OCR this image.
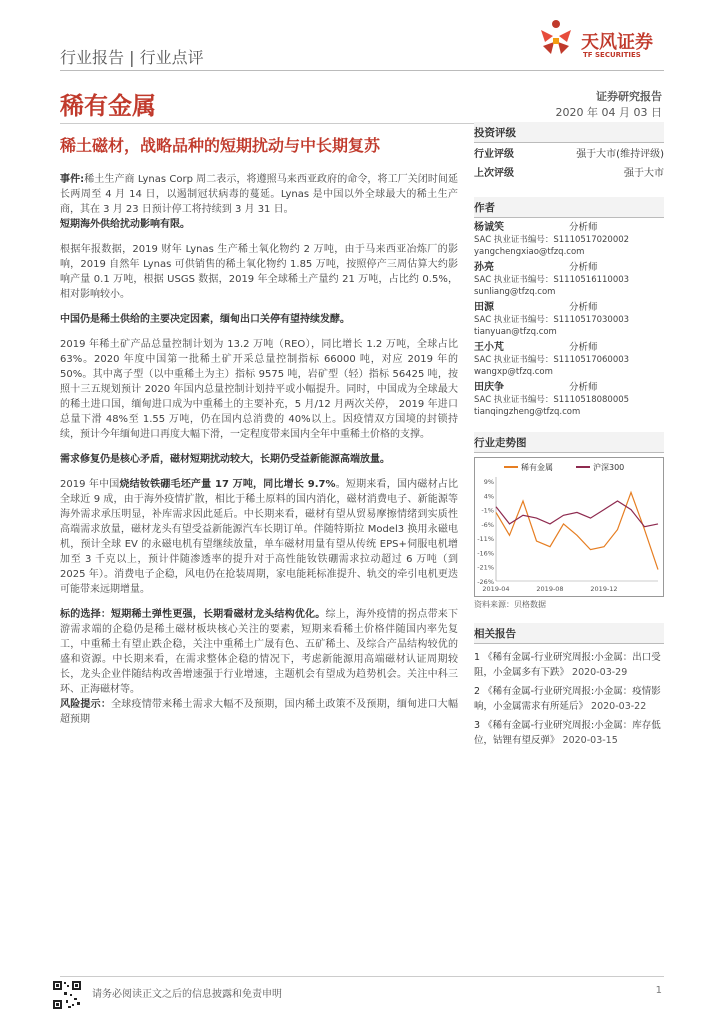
行业报告 | 行业点评
天风证券
TF SECURITIES
稀有金属	证券研究报告
2020 年 04 月 03 日
稀土磁材，战略品种的短期扰动与中长期复苏

事件:稀土生产商 Lynas Corp 周二表示，将遵照马来西亚政府的命令，将工厂关闭时间延长两周至 4 月 14 日，以遏制冠状病毒的蔓延。Lynas 是中国以外全球最大的稀土生产商，其在 3 月 23 日预计停工将持续到 3 月 31 日。

短期海外供给扰动影响有限。

根据年报数据，2019 财年 Lynas 生产稀土氧化物约 2 万吨，由于马来西亚冶炼厂的影响，2019 自然年 Lynas 可供销售的稀土氧化物约 1.85 万吨，按照停产三周估算大约影响产量 0.1 万吨，根据 USGS 数据，2019 年全球稀土产量约 21 万吨，占比约 0.5%，相对影响较小。

中国仍是稀土供给的主要决定因素，缅甸出口关停有望持续发酵。

2019 年稀土矿产品总量控制计划为 13.2 万吨（REO），同比增长 1.2 万吨，全球占比 63%。2020 年度中国第一批稀土矿开采总量控制指标 66000 吨，对应 2019 年的 50%。其中离子型（以中重稀土为主）指标 9575 吨，岩矿型（轻）指标 56425 吨，按照十三五规划预计 2020 年国内总量控制计划持平或小幅提升。同时，中国成为全球最大的稀土进口国，缅甸进口成为中重稀土的主要补充，5 月/12 月两次关停， 2019 年进口总量下滑 48%至 1.55 万吨，仍在国内总消费的 40%以上。因疫情双方国境的封锁持续，预计今年缅甸进口再度大幅下滑，一定程度带来国内全年中重稀土价格的支撑。

需求修复仍是核心矛盾，磁材短期扰动较大，长期仍受益新能源高端放量。

2019 年中国烧结钕铁硼毛坯产量 17 万吨，同比增长 9.7%。短期来看，国内磁材占比全球近 9 成，由于海外疫情扩散，相比于稀土原料的国内消化，磁材消费电子、新能源等海外需求承压明显，补库需求因此延后。中长期来看，磁材有望从贸易摩擦情绪到实质性高端需求放量，磁材龙头有望受益新能源汽车长期订单。伴随特斯拉 Model3 换用永磁电机，预计全球 EV 的永磁电机有望继续放量，单车磁材用量有望从传统 EPS+伺服电机增加至 3 千克以上，预计伴随渗透率的提升对于高性能钕铁硼需求拉动超过 6 万吨（到 2025 年）。消费电子企稳，风电仍在抢装周期，家电能耗标准提升、轨交的牵引电机更迭可能带来远期增量。

标的选择：短期稀土弹性更强，长期看磁材龙头结构优化。综上，海外疫情的拐点带来下游需求端的企稳仍是稀土磁材板块核心关注的要素，短期来看稀土价格伴随国内率先复工，中重稀土有望止跌企稳，关注中重稀土广晟有色、五矿稀土、及综合产品结构较优的盛和资源。中长期来看，在需求整体企稳的情况下，考虑新能源用高端磁材认证周期较长，龙头企业伴随结构改善增速强于行业增速，主题机会有望成为趋势机会。关注中科三环、正海磁材等。

风险提示：全球疫情带来稀土需求大幅不及预期，国内稀土政策不及预期，缅甸进口大幅超预期

投资评级
行业评级	强于大市(维持评级)
上次评级	强于大市
作者
杨诚笑	分析师
SAC 执业证书编号：S1110517020002
yangchengxiao@tfzq.com
孙亮	分析师
SAC 执业证书编号：S1110516110003
sunliang@tfzq.com
田源	分析师
SAC 执业证书编号：S1110517030003
tianyuan@tfzq.com
王小芃	分析师
SAC 执业证书编号：S1110517060003
wangxp@tfzq.com
田庆争	分析师
SAC 执业证书编号：S1110518080005
tianqingzheng@tfzq.com
行业走势图
稀有金属	沪深300
9%
4%
-1%
-6%
-11%
-16%
-21%
-26%
2019-04	2019-08	2019-12
资料来源：贝格数据
相关报告
1 《稀有金属-行业研究周报:小金属：出口受阻，小金属多有下跌》 2020-03-29
2 《稀有金属-行业研究周报:小金属：疫情影响，小金属需求有所延后》 2020-03-22
3 《稀有金属-行业研究周报:小金属：库存低位，钴锂有望反弹》 2020-03-15
请务必阅读正文之后的信息披露和免责申明	1
